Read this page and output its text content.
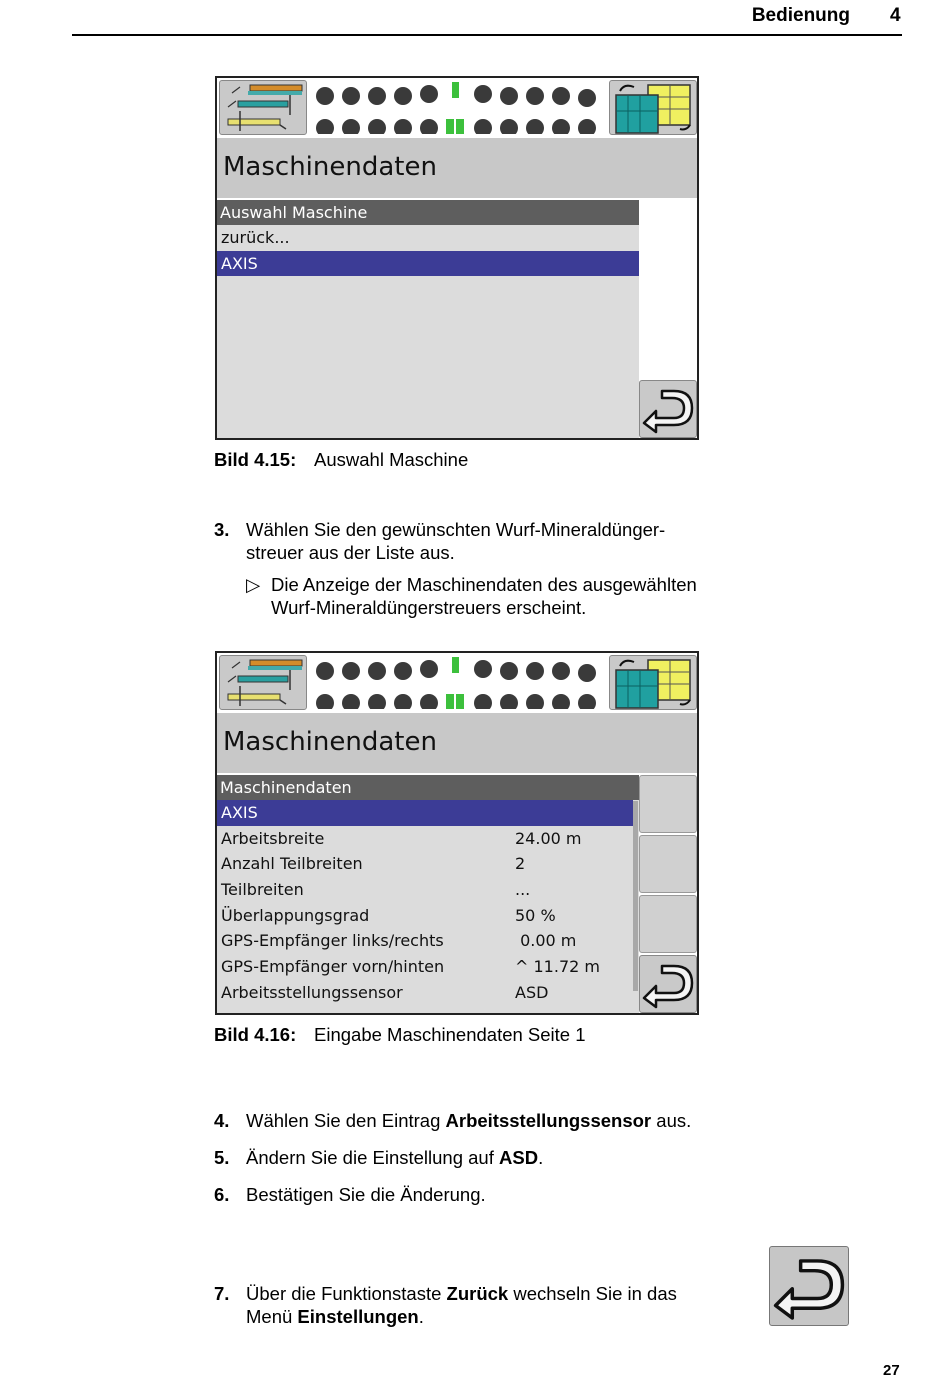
Bedienung 4
Maschinendaten
Auswahl Maschine
zurück...
AXIS
Bild 4.15: Auswahl Maschine
3. Wählen Sie den gewünschten Wurf-Mineraldünger-
streuer aus der Liste aus.
▷ Die Anzeige der Maschinendaten des ausgewählten
Wurf-Mineraldüngerstreuers erscheint.
Maschinendaten
Maschinendaten
AXIS
Arbeitsbreite	24.00 m
Anzahl Teilbreiten	2
Teilbreiten	...
Überlappungsgrad	50 %
GPS-Empfänger links/rechts	0.00 m
GPS-Empfänger vorn/hinten	^ 11.72 m
Arbeitsstellungssensor	ASD
Bild 4.16: Eingabe Maschinendaten Seite 1
4. Wählen Sie den Eintrag Arbeitsstellungssensor aus.
5. Ändern Sie die Einstellung auf ASD.
6. Bestätigen Sie die Änderung.
7. Über die Funktionstaste Zurück wechseln Sie in das
Menü Einstellungen.
27
